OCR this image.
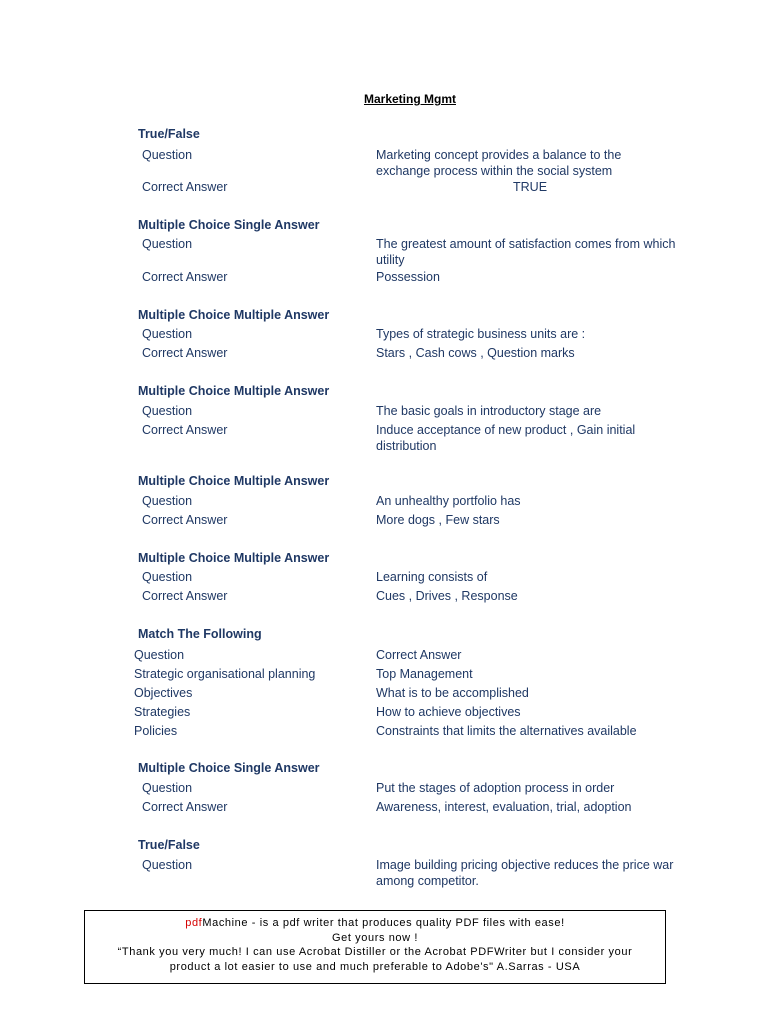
Marketing Mgmt
True/False
Question	Marketing concept provides a balance to the exchange process within the social system
Correct Answer	TRUE
Multiple Choice Single Answer
Question	The greatest amount of satisfaction comes from which utility
Correct Answer	Possession
Multiple Choice Multiple Answer
Question	Types of strategic business units are :
Correct Answer	Stars , Cash cows , Question marks
Multiple Choice Multiple Answer
Question	The basic goals in introductory stage are
Correct Answer	Induce acceptance of new product , Gain initial distribution
Multiple Choice Multiple Answer
Question	An unhealthy portfolio has
Correct Answer	More dogs , Few stars
Multiple Choice Multiple Answer
Question	Learning consists of
Correct Answer	Cues , Drives , Response
Match The Following
Question	Correct Answer
Strategic organisational planning	Top Management
Objectives	What is to be accomplished
Strategies	How to achieve objectives
Policies	Constraints that limits the alternatives available
Multiple Choice Single Answer
Question	Put the stages of adoption process in order
Correct Answer	Awareness, interest, evaluation, trial, adoption
True/False
Question	Image building pricing objective reduces the price war among competitor.
pdfMachine - is a pdf writer that produces quality PDF files with ease!
Get yours now !
“Thank you very much! I can use Acrobat Distiller or the Acrobat PDFWriter but I consider your
product a lot easier to use and much preferable to Adobe's" A.Sarras - USA
